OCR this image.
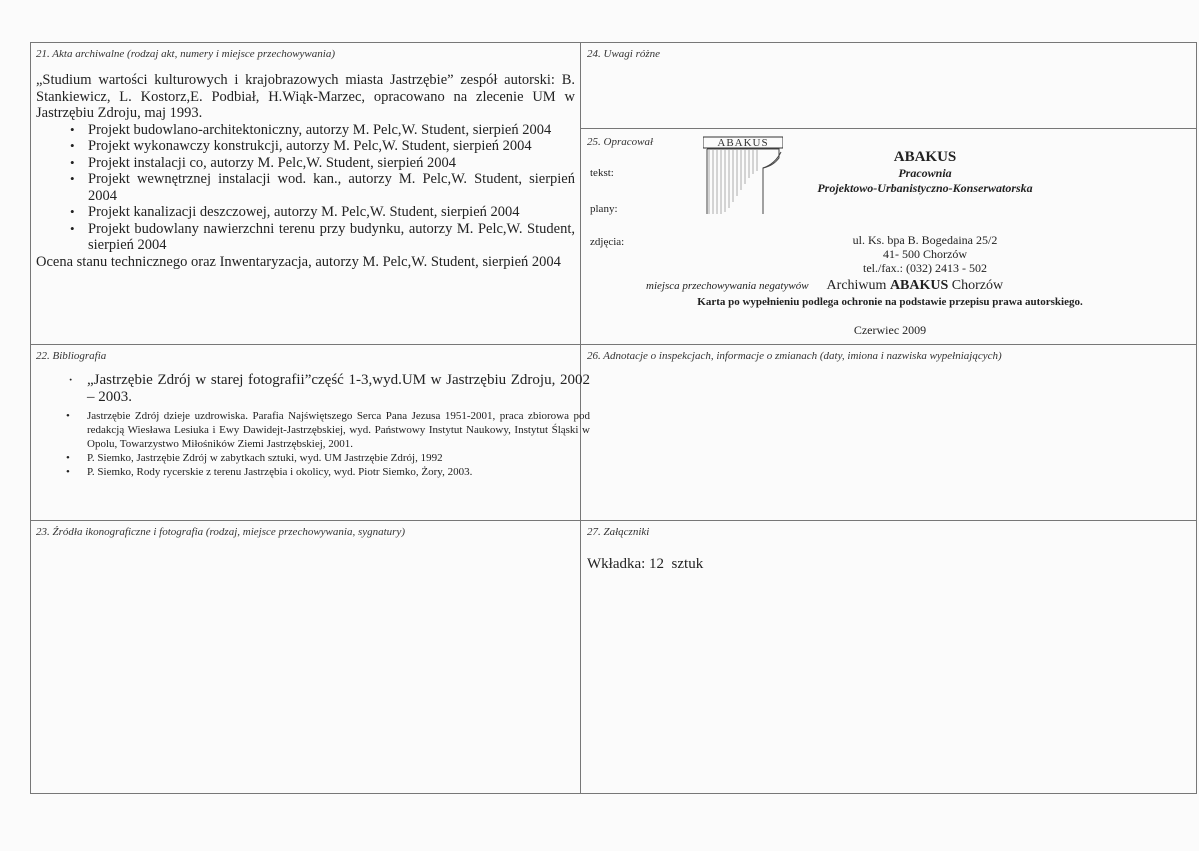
21. Akta archiwalne (rodzaj akt, numery i miejsce przechowywania)
„Studium wartości kulturowych i krajobrazowych miasta Jastrzębie” zespół autorski: B. Stankiewicz, L. Kostorz,E. Podbiał, H.Wiąk-Marzec, opracowano na zlecenie UM w Jastrzębiu Zdroju, maj 1993.
• Projekt budowlano-architektoniczny, autorzy M. Pelc,W. Student, sierpień 2004
• Projekt wykonawczy konstrukcji, autorzy M. Pelc,W. Student, sierpień 2004
• Projekt instalacji co, autorzy M. Pelc,W. Student, sierpień 2004
• Projekt wewnętrznej instalacji wod. kan., autorzy M. Pelc,W. Student, sierpień 2004
• Projekt kanalizacji deszczowej, autorzy M. Pelc,W. Student, sierpień 2004
• Projekt budowlany nawierzchni terenu przy budynku, autorzy M. Pelc,W. Student, sierpień 2004
Ocena stanu technicznego oraz Inwentaryzacja, autorzy M. Pelc,W. Student, sierpień 2004
24. Uwagi różne
25. Opracował
tekst:
plany:
zdjęcia:
ABAKUS
ABAKUS
Pracownia
Projektowo-Urbanistyczno-Konserwatorska
ul. Ks. bpa B. Bogedaina 25/2
41- 500 Chorzów
tel./fax.: (032) 2413 - 502
miejsca przechowywania negatywów Archiwum ABAKUS Chorzów
Karta po wypełnieniu podlega ochronie na podstawie przepisu prawa autorskiego.
Czerwiec 2009
22. Bibliografia
· „Jastrzębie Zdrój w starej fotografii”część 1-3,wyd.UM w Jastrzębiu Zdroju, 2002 – 2003.
• Jastrzębie Zdrój dzieje uzdrowiska. Parafia Najświętszego Serca Pana Jezusa 1951-2001, praca zbiorowa pod redakcją Wiesława Lesiuka i Ewy Dawidejt-Jastrzębskiej, wyd. Państwowy Instytut Naukowy, Instytut Śląski w Opolu, Towarzystwo Miłośników Ziemi Jastrzębskiej, 2001.
• P. Siemko, Jastrzębie Zdrój w zabytkach sztuki, wyd. UM Jastrzębie Zdrój, 1992
• P. Siemko, Rody rycerskie z terenu Jastrzębia i okolicy, wyd. Piotr Siemko, Żory, 2003.
26. Adnotacje o inspekcjach, informacje o zmianach (daty, imiona i nazwiska wypełniających)
23. Źródła ikonograficzne i fotografia (rodzaj, miejsce przechowywania, sygnatury)	27. Załączniki
Wkładka: 12  sztuk
